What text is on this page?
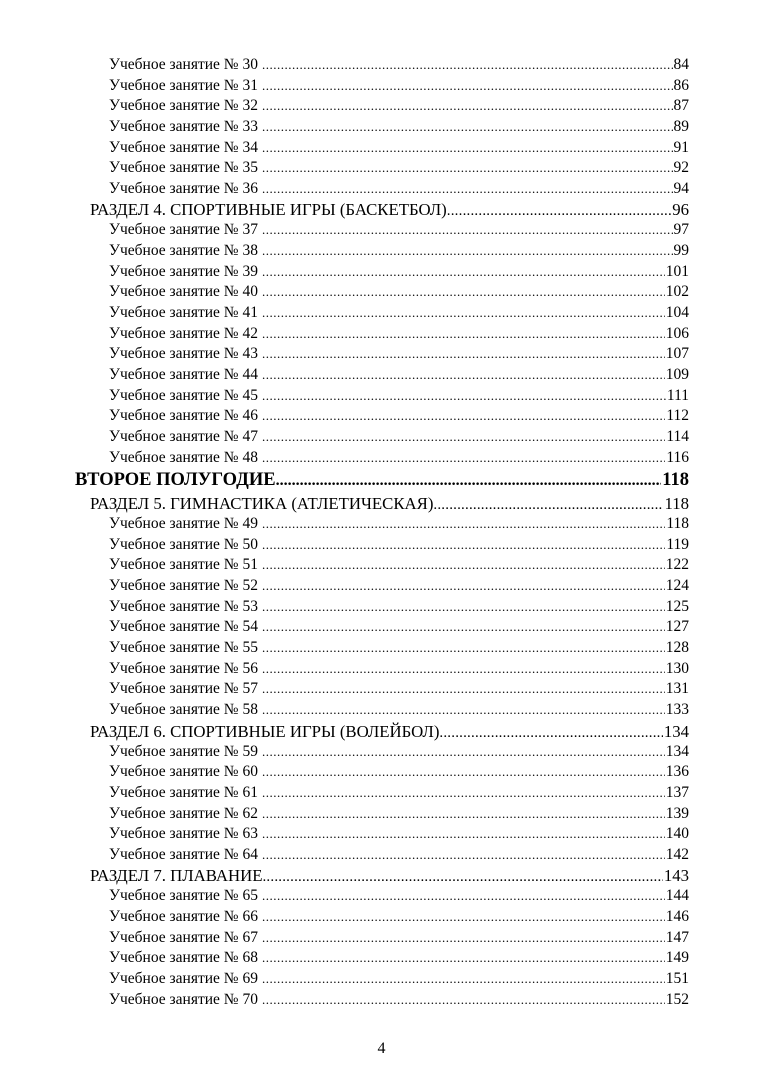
Учебное занятие № 30 .....	84
Учебное занятие № 31 .....	86
Учебное занятие № 32 .....	87
Учебное занятие № 33 .....	89
Учебное занятие № 34 .....	91
Учебное занятие № 35 .....	92
Учебное занятие № 36 .....	94
РАЗДЕЛ 4. СПОРТИВНЫЕ ИГРЫ (БАСКЕТБОЛ) .....	96
Учебное занятие № 37 .....	97
Учебное занятие № 38 .....	99
Учебное занятие № 39 .....	101
Учебное занятие № 40 .....	102
Учебное занятие № 41 .....	104
Учебное занятие № 42 .....	106
Учебное занятие № 43 .....	107
Учебное занятие № 44 .....	109
Учебное занятие № 45 .....	111
Учебное занятие № 46 .....	112
Учебное занятие № 47 .....	114
Учебное занятие № 48 .....	116
ВТОРОЕ ПОЛУГОДИЕ .....	118
РАЗДЕЛ 5. ГИМНАСТИКА (АТЛЕТИЧЕСКАЯ) .....	118
Учебное занятие № 49 .....	118
Учебное занятие № 50 .....	119
Учебное занятие № 51 .....	122
Учебное занятие № 52 .....	124
Учебное занятие № 53 .....	125
Учебное занятие № 54 .....	127
Учебное занятие № 55 .....	128
Учебное занятие № 56 .....	130
Учебное занятие № 57 .....	131
Учебное занятие № 58 .....	133
РАЗДЕЛ 6. СПОРТИВНЫЕ ИГРЫ (ВОЛЕЙБОЛ) .....	134
Учебное занятие № 59 .....	134
Учебное занятие № 60 .....	136
Учебное занятие № 61 .....	137
Учебное занятие № 62 .....	139
Учебное занятие № 63 .....	140
Учебное занятие № 64 .....	142
РАЗДЕЛ 7. ПЛАВАНИЕ .....	143
Учебное занятие № 65 .....	144
Учебное занятие № 66 .....	146
Учебное занятие № 67 .....	147
Учебное занятие № 68 .....	149
Учебное занятие № 69 .....	151
Учебное занятие № 70 .....	152
4
